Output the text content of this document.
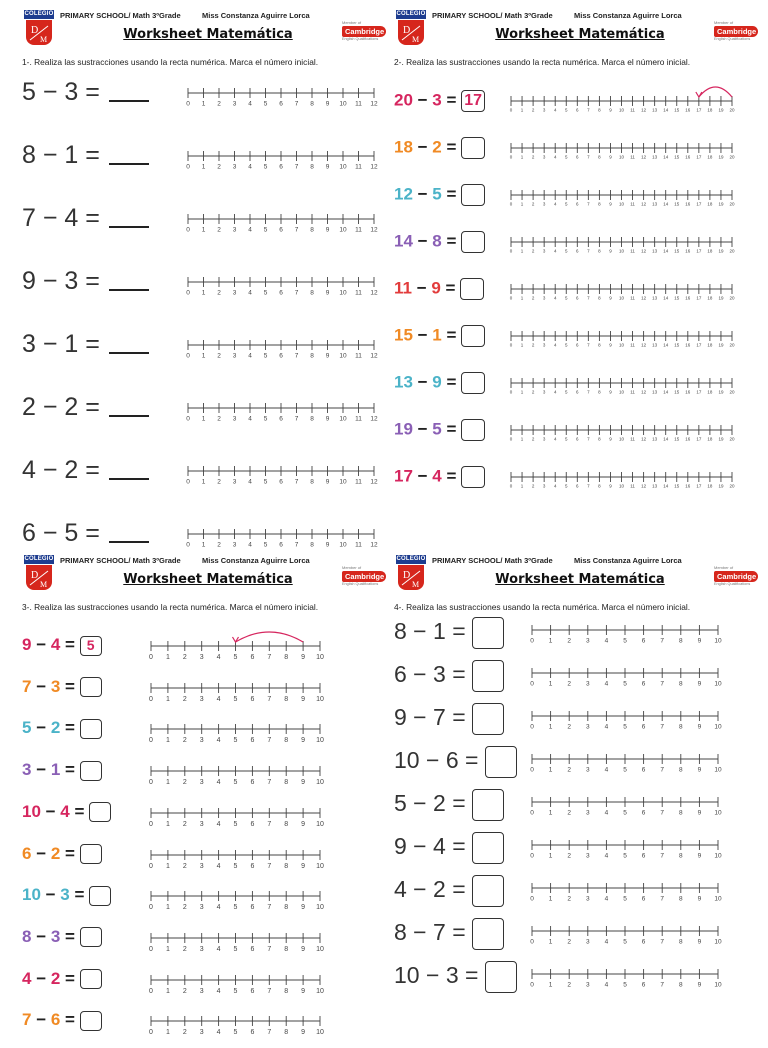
COLEGIO
D
M
PRIMARY SCHOOL/ Math 3ºGrade	Miss Constanza Aguirre Lorca
Worksheet Matemática
Member of
Cambridge
English Qualifications
1-. Realiza las sustracciones usando la recta numérica. Marca el número inicial.
5 − 3 =	0 1 2 3 4 5 6 7 8 9 10 11 12
8 − 1 =	0 1 2 3 4 5 6 7 8 9 10 11 12
7 − 4 =	0 1 2 3 4 5 6 7 8 9 10 11 12
9 − 3 =	0 1 2 3 4 5 6 7 8 9 10 11 12
3 − 1 =	0 1 2 3 4 5 6 7 8 9 10 11 12
2 − 2 =	0 1 2 3 4 5 6 7 8 9 10 11 12
4 − 2 =	0 1 2 3 4 5 6 7 8 9 10 11 12
6 − 5 =	0 1 2 3 4 5 6 7 8 9 10 11 12
COLEGIO
D
M
PRIMARY SCHOOL/ Math 3ºGrade	Miss Constanza Aguirre Lorca
Worksheet Matemática
Member of
Cambridge
English Qualifications
2-. Realiza las sustracciones usando la recta numérica. Marca el número inicial.
20 − 3 = 17
0 1 2 3 4 5 6 7 8 9 10 11 12 13 14 15 16 17 18 19 20
18 − 2 =
0 1 2 3 4 5 6 7 8 9 10 11 12 13 14 15 16 17 18 19 20
12 − 5 =
0 1 2 3 4 5 6 7 8 9 10 11 12 13 14 15 16 17 18 19 20
14 − 8 =
0 1 2 3 4 5 6 7 8 9 10 11 12 13 14 15 16 17 18 19 20
11 − 9 =
0 1 2 3 4 5 6 7 8 9 10 11 12 13 14 15 16 17 18 19 20
15 − 1 =
0 1 2 3 4 5 6 7 8 9 10 11 12 13 14 15 16 17 18 19 20
13 − 9 =
0 1 2 3 4 5 6 7 8 9 10 11 12 13 14 15 16 17 18 19 20
19 − 5 =
0 1 2 3 4 5 6 7 8 9 10 11 12 13 14 15 16 17 18 19 20
17 − 4 =
0 1 2 3 4 5 6 7 8 9 10 11 12 13 14 15 16 17 18 19 20
COLEGIO
D
M
PRIMARY SCHOOL/ Math 3ºGrade	Miss Constanza Aguirre Lorca
Worksheet Matemática
Member of
Cambridge
English Qualifications
3-. Realiza las sustracciones usando la recta numérica. Marca el número inicial.
9 − 4 = 5
0 1 2 3 4 5 6 7 8 9 10
7 − 3 =
0 1 2 3 4 5 6 7 8 9 10
5 − 2 =
0 1 2 3 4 5 6 7 8 9 10
3 − 1 =
0 1 2 3 4 5 6 7 8 9 10
10 − 4 =
0 1 2 3 4 5 6 7 8 9 10
6 − 2 =
0 1 2 3 4 5 6 7 8 9 10
10 − 3 =
0 1 2 3 4 5 6 7 8 9 10
8 − 3 =
0 1 2 3 4 5 6 7 8 9 10
4 − 2 =
0 1 2 3 4 5 6 7 8 9 10
7 − 6 =
0 1 2 3 4 5 6 7 8 9 10
COLEGIO
D
M
PRIMARY SCHOOL/ Math 3ºGrade	Miss Constanza Aguirre Lorca
Worksheet Matemática
Member of
Cambridge
English Qualifications
4-. Realiza las sustracciones usando la recta numérica. Marca el número inicial.
8 − 1 =	0 1 2 3 4 5 6 7 8 9 10
6 − 3 =	0 1 2 3 4 5 6 7 8 9 10
9 − 7 =	0 1 2 3 4 5 6 7 8 9 10
10 − 6 =	0 1 2 3 4 5 6 7 8 9 10
5 − 2 =	0 1 2 3 4 5 6 7 8 9 10
9 − 4 =	0 1 2 3 4 5 6 7 8 9 10
4 − 2 =	0 1 2 3 4 5 6 7 8 9 10
8 − 7 =	0 1 2 3 4 5 6 7 8 9 10
10 − 3 =	0 1 2 3 4 5 6 7 8 9 10
